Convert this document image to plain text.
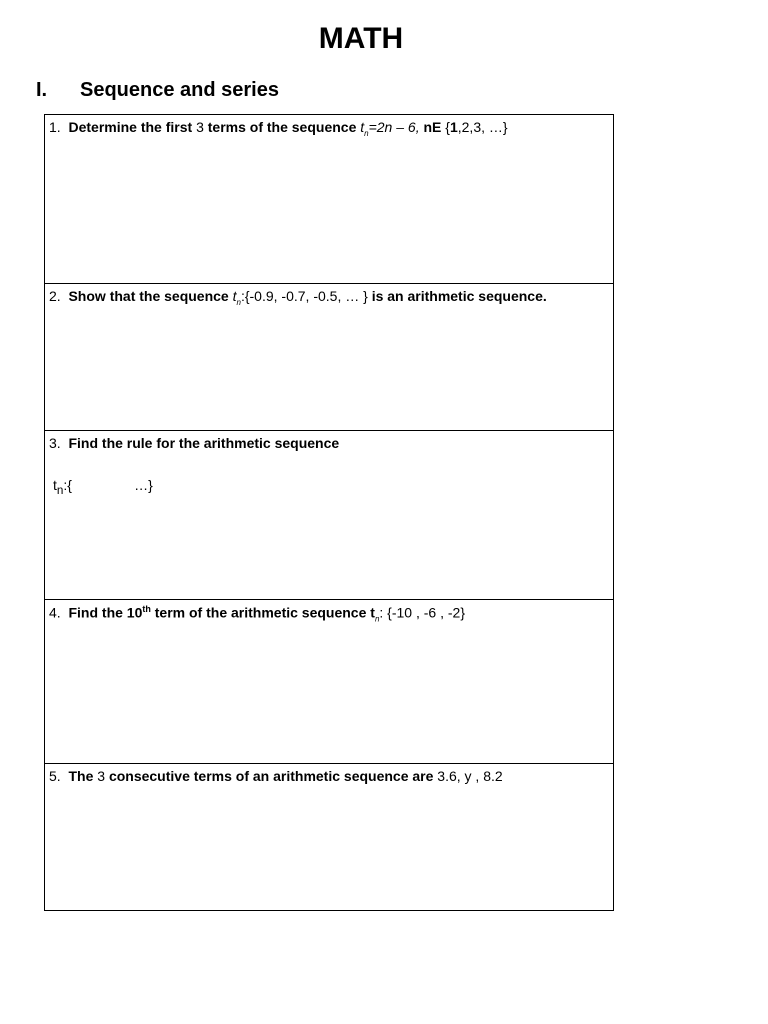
MATH
I. Sequence and series
1. Determine the first 3 terms of the sequence $t_n=2n - 6$, nE {1,2,3, …}
2. Show that the sequence $t_n:\{-0.9$, -0.7, -0.5, … } is an arithmetic sequence.
3. Find the rule for the arithmetic sequence
$t_n$:{                …}
4. Find the 10th term of the arithmetic sequence $t_n$: {-10 , -6 , -2}
5. The 3 consecutive terms of an arithmetic sequence are 3.6, y , 8.2
